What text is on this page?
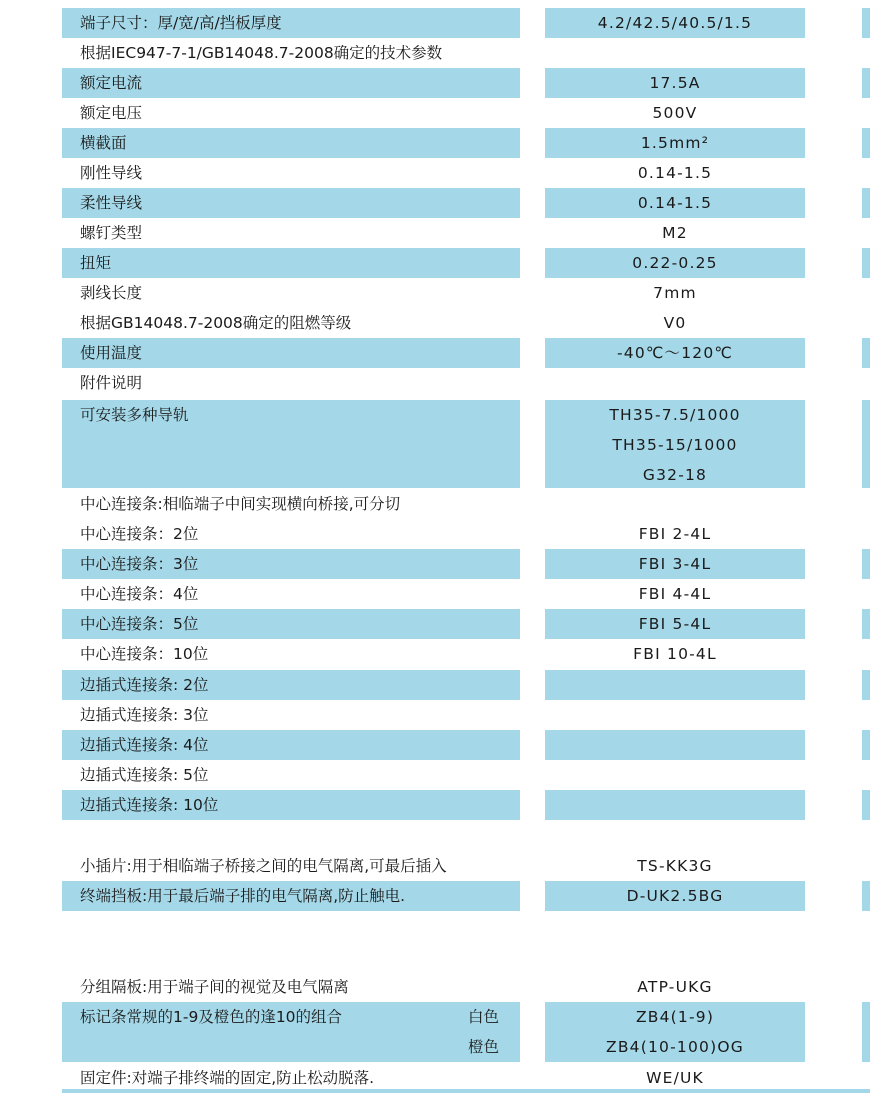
端子尺寸：厚/宽/高/挡板厚度	4.2/42.5/40.5/1.5
根据IEC947-7-1/GB14048.7-2008确定的技术参数
额定电流	17.5A
额定电压	500V
横截面	1.5mm²
刚性导线	0.14-1.5
柔性导线	0.14-1.5
螺钉类型	M2
扭矩	0.22-0.25
剥线长度	7mm
根据GB14048.7-2008确定的阻燃等级	V0
使用温度	-40℃～120℃
附件说明
可安装多种导轨	TH35-7.5/1000
TH35-15/1000
G32-18
中心连接条:相临端子中间实现横向桥接,可分切
中心连接条：2位	FBI 2-4L
中心连接条：3位	FBI 3-4L
中心连接条：4位	FBI 4-4L
中心连接条：5位	FBI 5-4L
中心连接条：10位	FBI 10-4L
边插式连接条: 2位
边插式连接条: 3位
边插式连接条: 4位
边插式连接条: 5位
边插式连接条: 10位
小插片:用于相临端子桥接之间的电气隔离,可最后插入	TS-KK3G
终端挡板:用于最后端子排的电气隔离,防止触电.	D-UK2.5BG
分组隔板:用于端子间的视觉及电气隔离	ATP-UKG
标记条常规的1-9及橙色的逢10的组合	白色	ZB4(1-9)
橙色	ZB4(10-100)OG
固定件:对端子排终端的固定,防止松动脱落.	WE/UK
